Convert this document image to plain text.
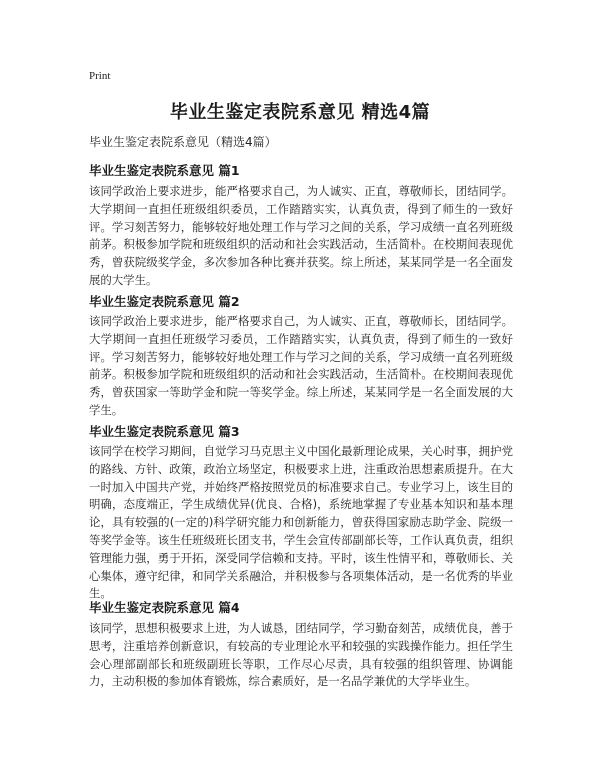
Print
毕业生鉴定表院系意见 精选4篇
毕业生鉴定表院系意见（精选4篇）
毕业生鉴定表院系意见 篇1
该同学政治上要求进步，能严格要求自己，为人诚实、正直，尊敬师长，团结同学。大学期间一直担任班级组织委员，工作踏踏实实，认真负责，得到了师生的一致好评。学习刻苦努力，能够较好地处理工作与学习之间的关系，学习成绩一直名列班级前茅。积极参加学院和班级组织的活动和社会实践活动，生活简朴。在校期间表现优秀，曾获院级奖学金，多次参加各种比赛并获奖。综上所述，某某同学是一名全面发展的大学生。
毕业生鉴定表院系意见 篇2
该同学政治上要求进步，能严格要求自己，为人诚实、正直，尊敬师长，团结同学。大学期间一直担任班级学习委员，工作踏踏实实，认真负责，得到了师生的一致好评。学习刻苦努力，能够较好地处理工作与学习之间的关系，学习成绩一直名列班级前茅。积极参加学院和班级组织的活动和社会实践活动，生活简朴。在校期间表现优秀，曾获国家一等助学金和院一等奖学金。综上所述，某某同学是一名全面发展的大学生。
毕业生鉴定表院系意见 篇3
该同学在校学习期间，自觉学习马克思主义中国化最新理论成果，关心时事，拥护党的路线、方针、政策，政治立场坚定，积极要求上进，注重政治思想素质提升。在大一时加入中国共产党，并始终严格按照党员的标准要求自己。专业学习上，该生目的明确，态度端正，学生成绩优异(优良、合格)，系统地掌握了专业基本知识和基本理论，具有较强的(一定的)科学研究能力和创新能力，曾获得国家励志助学金、院级一等奖学金等。该生任班级班长团支书，学生会宣传部副部长等，工作认真负责，组织管理能力强，勇于开拓，深受同学信赖和支持。平时，该生性情平和，尊敬师长、关心集体，遵守纪律，和同学关系融洽，并积极参与各项集体活动，是一名优秀的毕业生。
毕业生鉴定表院系意见 篇4
该同学，思想积极要求上进，为人诚恳，团结同学，学习勤奋刻苦，成绩优良，善于思考，注重培养创新意识，有较高的专业理论水平和较强的实践操作能力。担任学生会心理部副部长和班级副班长等职，工作尽心尽责，具有较强的组织管理、协调能力，主动积极的参加体育锻炼，综合素质好，是一名品学兼优的大学毕业生。
